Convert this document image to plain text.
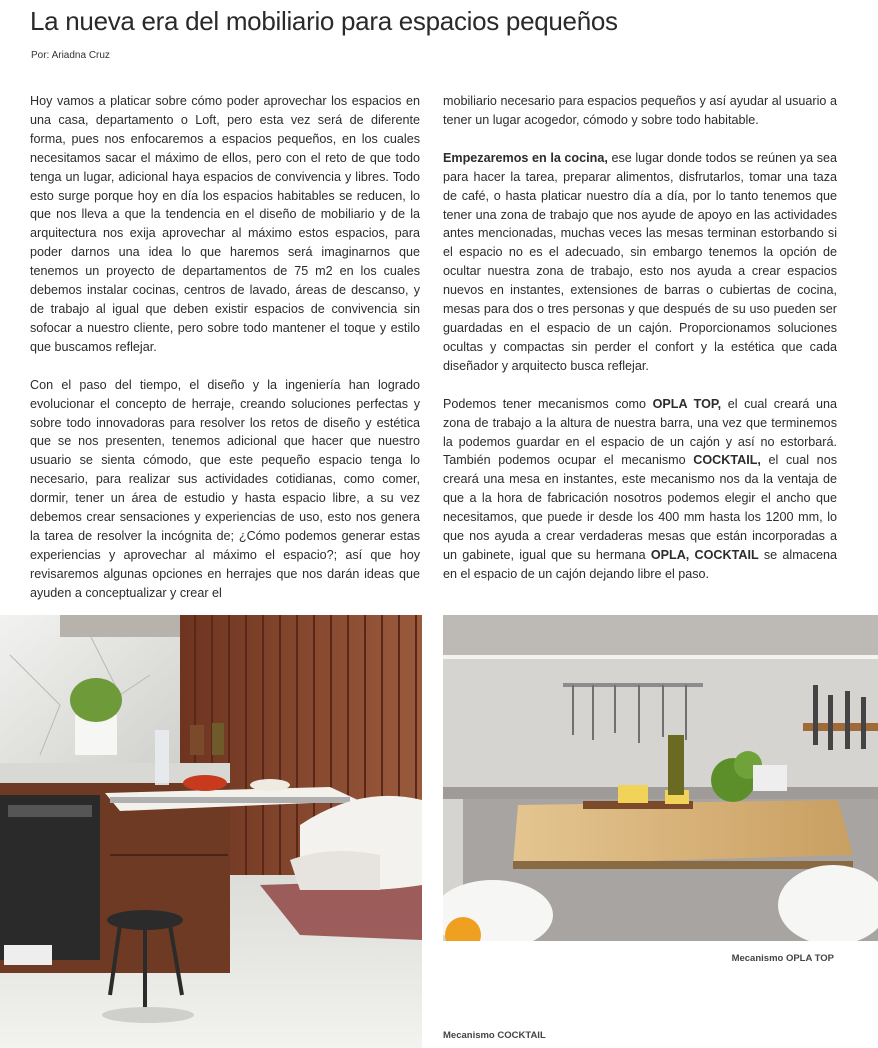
La nueva era del mobiliario para espacios pequeños
Por: Ariadna Cruz

Hoy vamos a platicar sobre cómo poder aprovechar los espacios en una casa, departamento o Loft, pero esta vez será de diferente forma, pues nos enfocaremos a espacios pequeños, en los cuales necesitamos sacar el máximo de ellos, pero con el reto de que todo tenga un lugar, adicional haya espacios de convivencia y libres. Todo esto surge porque hoy en día los espacios habitables se reducen, lo que nos lleva a que la tendencia en el diseño de mobiliario y de la arquitectura nos exija aprovechar al máximo estos espacios, para poder darnos una idea lo que haremos será imaginarnos que tenemos un proyecto de departamentos de 75 m2 en los cuales debemos instalar cocinas, centros de lavado, áreas de descanso, y de trabajo al igual que deben existir espacios de convivencia sin sofocar a nuestro cliente, pero sobre todo mantener el toque y estilo que buscamos reflejar.

Con el paso del tiempo, el diseño y la ingeniería han logrado evolucionar el concepto de herraje, creando soluciones perfectas y sobre todo innovadoras para resolver los retos de diseño y estética que se nos presenten, tenemos adicional que hacer que nuestro usuario se sienta cómodo, que este pequeño espacio tenga lo necesario, para realizar sus actividades cotidianas, como comer, dormir, tener un área de estudio y hasta espacio libre, a su vez debemos crear sensaciones y experiencias de uso, esto nos genera la tarea de resolver la incógnita de; ¿Cómo podemos generar estas experiencias y aprovechar al máximo el espacio?; así que hoy revisaremos algunas opciones en herrajes que nos darán ideas que ayuden a conceptualizar y crear el

mobiliario necesario para espacios pequeños y así ayudar al usuario a tener un lugar acogedor, cómodo y sobre todo habitable.

Empezaremos en la cocina, ese lugar donde todos se reúnen ya sea para hacer la tarea, preparar alimentos, disfrutarlos, tomar una taza de café, o hasta platicar nuestro día a día, por lo tanto tenemos que tener una zona de trabajo que nos ayude de apoyo en las actividades antes mencionadas, muchas veces las mesas terminan estorbando si el espacio no es el adecuado, sin embargo tenemos la opción de ocultar nuestra zona de trabajo, esto nos ayuda a crear espacios nuevos en instantes, extensiones de barras o cubiertas de cocina, mesas para dos o tres personas y que después de su uso pueden ser guardadas en el espacio de un cajón. Proporcionamos soluciones ocultas y compactas sin perder el confort y la estética que cada diseñador y arquitecto busca reflejar.

Podemos tener mecanismos como OPLA TOP, el cual creará una zona de trabajo a la altura de nuestra barra, una vez que terminemos la podemos guardar en el espacio de un cajón y así no estorbará. También podemos ocupar el mecanismo COCKTAIL, el cual nos creará una mesa en instantes, este mecanismo nos da la ventaja de que a la hora de fabricación nosotros podemos elegir el ancho que necesitamos, que puede ir desde los 400 mm hasta los 1200 mm, lo que nos ayuda a crear verdaderas mesas que están incorporadas a un gabinete, igual que su hermana OPLA, COCKTAIL se almacena en el espacio de un cajón dejando libre el paso.

Mecanismo OPLA TOP
Mecanismo COCKTAIL
